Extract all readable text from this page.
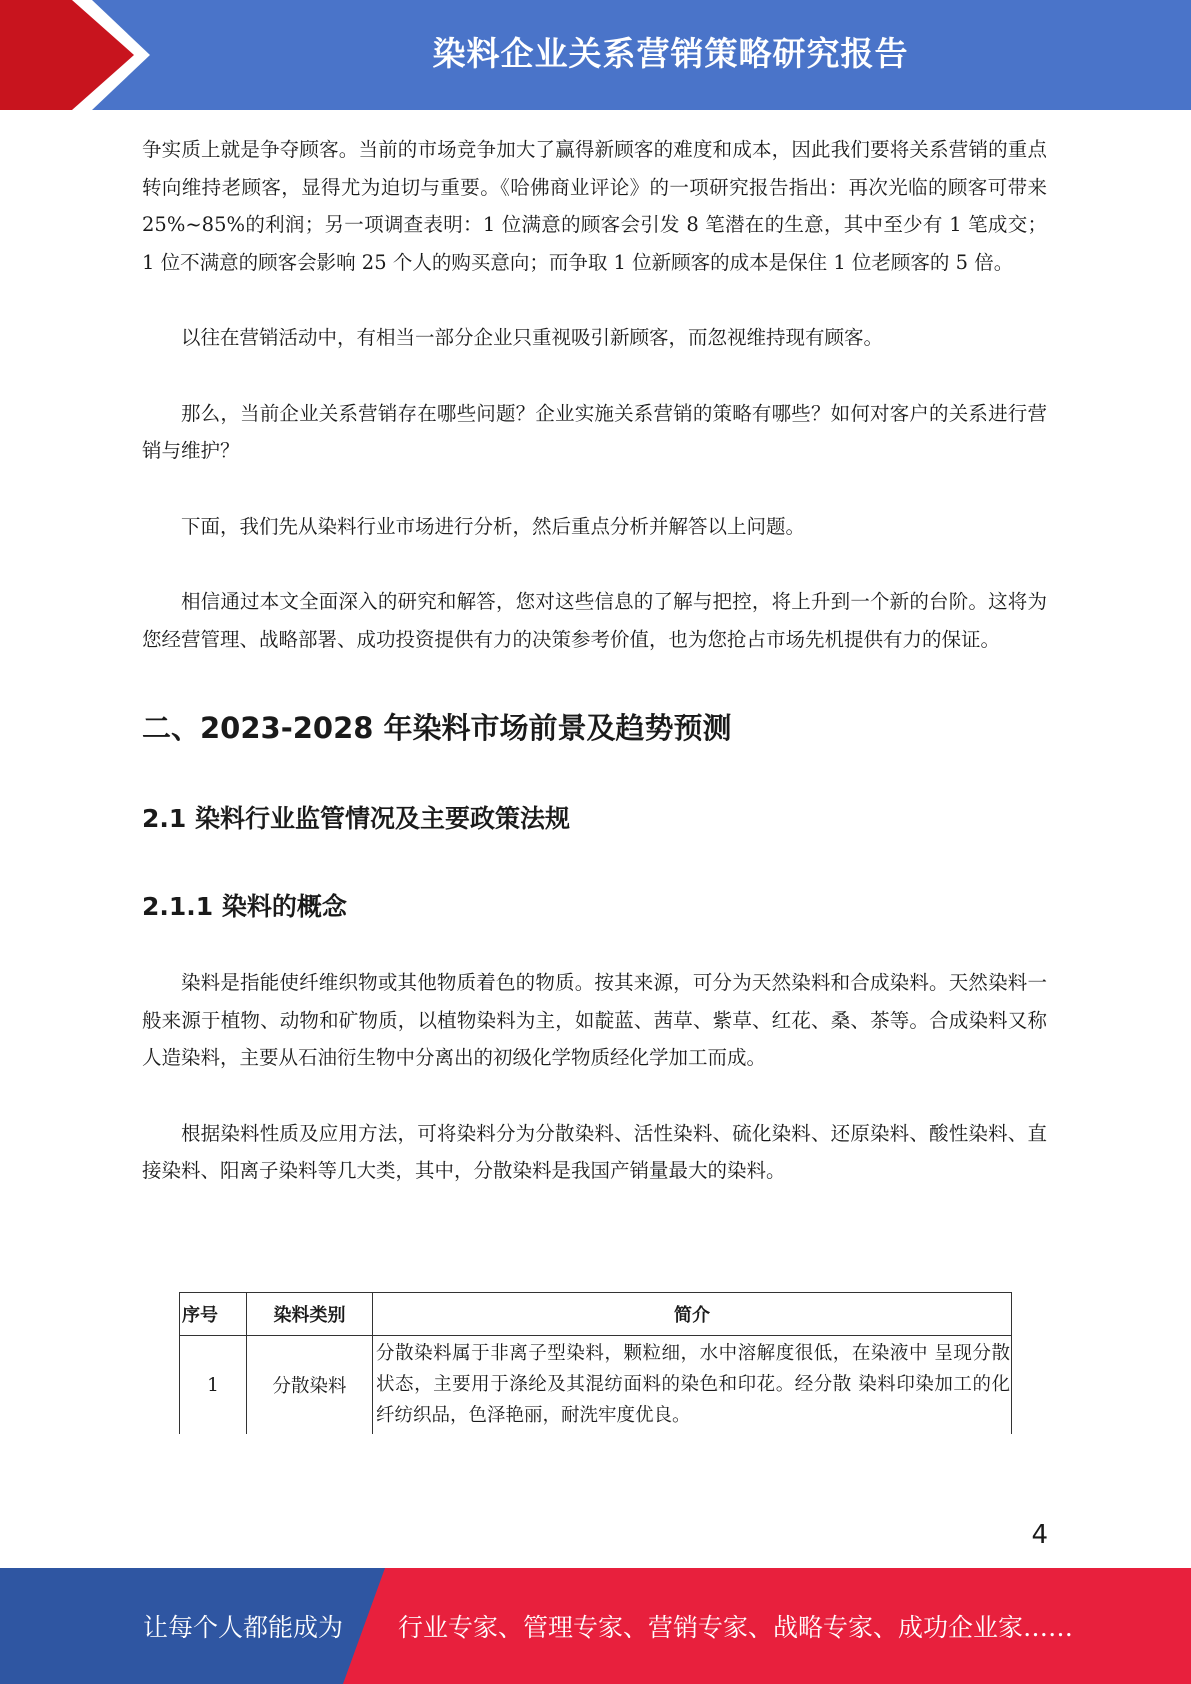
染料企业关系营销策略研究报告

争实质上就是争夺顾客。当前的市场竞争加大了赢得新顾客的难度和成本，因此我们要将关系营销的重点转向维持老顾客，显得尤为迫切与重要。《哈佛商业评论》的一项研究报告指出：再次光临的顾客可带来 25%~85%的利润；另一项调查表明：1 位满意的顾客会引发 8 笔潜在的生意，其中至少有 1 笔成交；1 位不满意的顾客会影响 25 个人的购买意向；而争取 1 位新顾客的成本是保住 1 位老顾客的 5 倍。

以往在营销活动中，有相当一部分企业只重视吸引新顾客，而忽视维持现有顾客。

那么，当前企业关系营销存在哪些问题？企业实施关系营销的策略有哪些？如何对客户的关系进行营销与维护？

下面，我们先从染料行业市场进行分析，然后重点分析并解答以上问题。

相信通过本文全面深入的研究和解答，您对这些信息的了解与把控，将上升到一个新的台阶。这将为您经营管理、战略部署、成功投资提供有力的决策参考价值，也为您抢占市场先机提供有力的保证。

二、2023-2028 年染料市场前景及趋势预测
2.1 染料行业监管情况及主要政策法规
2.1.1 染料的概念

染料是指能使纤维织物或其他物质着色的物质。按其来源，可分为天然染料和合成染料。天然染料一般来源于植物、动物和矿物质，以植物染料为主，如靛蓝、茜草、紫草、红花、桑、茶等。合成染料又称人造染料，主要从石油衍生物中分离出的初级化学物质经化学加工而成。

根据染料性质及应用方法，可将染料分为分散染料、活性染料、硫化染料、还原染料、酸性染料、直接染料、阳离子染料等几大类，其中，分散染料是我国产销量最大的染料。

序号	染料类别	简介
1	分散染料	分散染料属于非离子型染料，颗粒细，水中溶解度很低，在染液中 呈现分散状态，主要用于涤纶及其混纺面料的染色和印花。经分散 染料印染加工的化纤纺织品，色泽艳丽，耐洗牢度优良。
4
让每个人都能成为 行业专家、管理专家、营销专家、战略专家、成功企业家……
